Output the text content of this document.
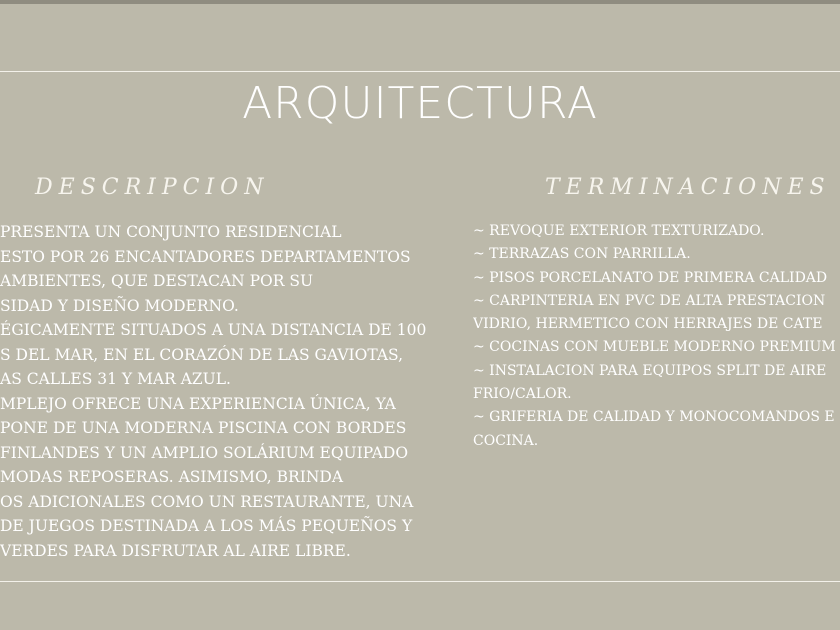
ARQUITECTURA
DESCRIPCION	TERMINACIONES
PRESENTA UN CONJUNTO RESIDENCIAL
ESTO POR 26 ENCANTADORES DEPARTAMENTOS
AMBIENTES, QUE DESTACAN POR SU
SIDAD Y DISEÑO MODERNO.
ÉGICAMENTE SITUADOS A UNA DISTANCIA DE 100
S DEL MAR, EN EL CORAZÓN DE LAS GAVIOTAS,
AS CALLES 31 Y MAR AZUL.
MPLEJO OFRECE UNA EXPERIENCIA ÚNICA, YA
PONE DE UNA MODERNA PISCINA CON BORDES
FINLANDES Y UN AMPLIO SOLÁRIUM EQUIPADO
MODAS REPOSERAS. ASIMISMO, BRINDA
OS ADICIONALES COMO UN RESTAURANTE, UNA
DE JUEGOS DESTINADA A LOS MÁS PEQUEÑOS Y
VERDES PARA DISFRUTAR AL AIRE LIBRE.
~ REVOQUE EXTERIOR TEXTURIZADO.
~ TERRAZAS CON PARRILLA.
~ PISOS PORCELANATO DE PRIMERA CALIDAD
~ CARPINTERIA EN PVC DE ALTA PRESTACION
VIDRIO, HERMETICO CON HERRAJES DE CATE
~ COCINAS CON MUEBLE MODERNO PREMIUM
~ INSTALACION PARA EQUIPOS SPLIT DE AIRE
FRIO/CALOR.
~ GRIFERIA DE CALIDAD Y MONOCOMANDOS E
COCINA.
